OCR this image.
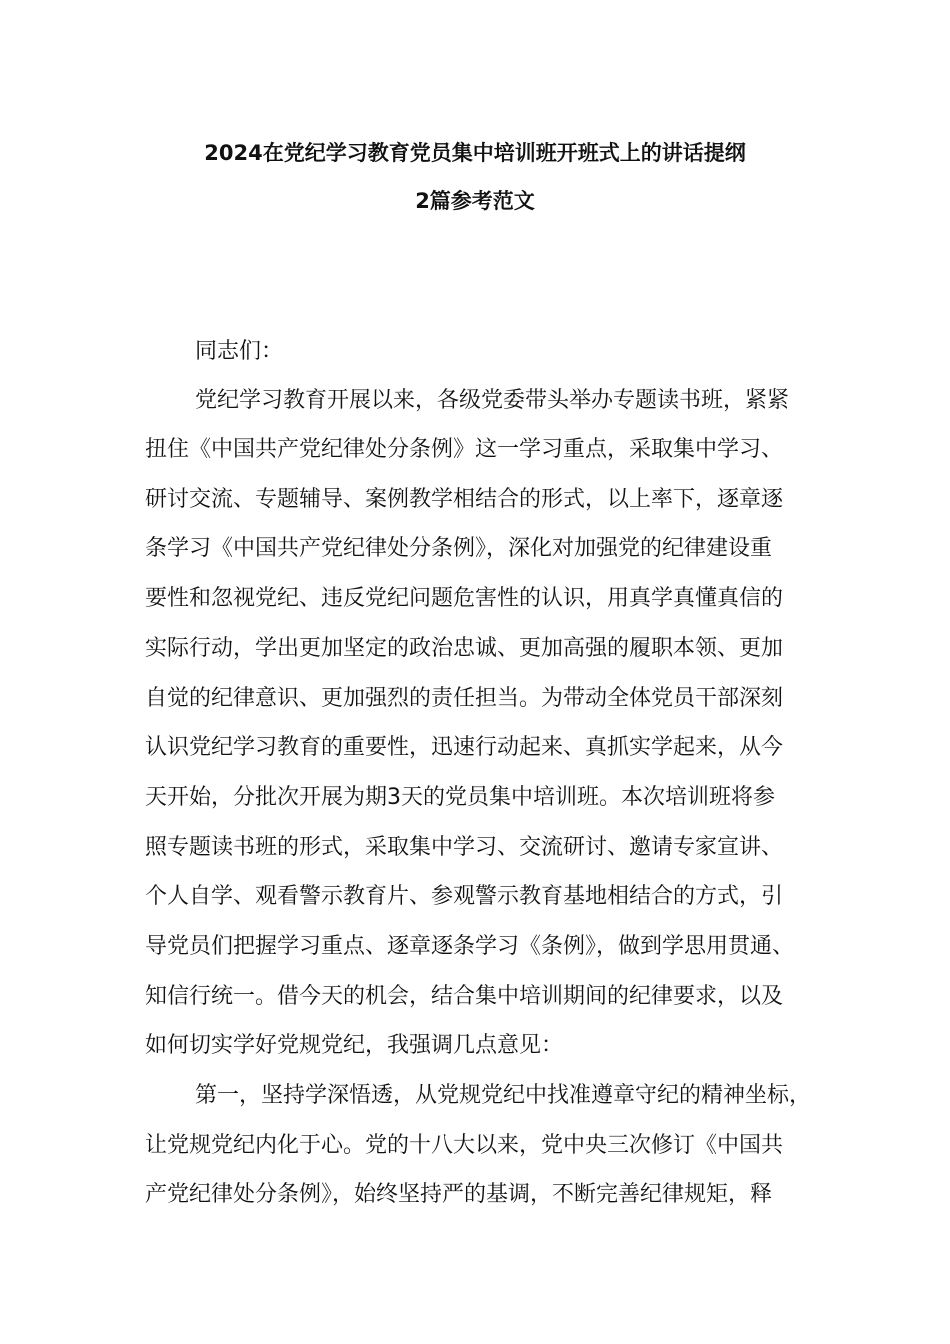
2024在党纪学习教育党员集中培训班开班式上的讲话提纲
2篇参考范文
同志们：
党纪学习教育开展以来，各级党委带头举办专题读书班，紧紧
扭住《中国共产党纪律处分条例》这一学习重点，采取集中学习、
研讨交流、专题辅导、案例教学相结合的形式，以上率下，逐章逐
条学习《中国共产党纪律处分条例》，深化对加强党的纪律建设重
要性和忽视党纪、违反党纪问题危害性的认识，用真学真懂真信的
实际行动，学出更加坚定的政治忠诚、更加高强的履职本领、更加
自觉的纪律意识、更加强烈的责任担当。为带动全体党员干部深刻
认识党纪学习教育的重要性，迅速行动起来、真抓实学起来，从今
天开始，分批次开展为期3天的党员集中培训班。本次培训班将参
照专题读书班的形式，采取集中学习、交流研讨、邀请专家宣讲、
个人自学、观看警示教育片、参观警示教育基地相结合的方式，引
导党员们把握学习重点、逐章逐条学习《条例》，做到学思用贯通、
知信行统一。借今天的机会，结合集中培训期间的纪律要求，以及
如何切实学好党规党纪，我强调几点意见：
第一，坚持学深悟透，从党规党纪中找准遵章守纪的精神坐标，
让党规党纪内化于心。党的十八大以来，党中央三次修订《中国共
产党纪律处分条例》，始终坚持严的基调，不断完善纪律规矩，释
